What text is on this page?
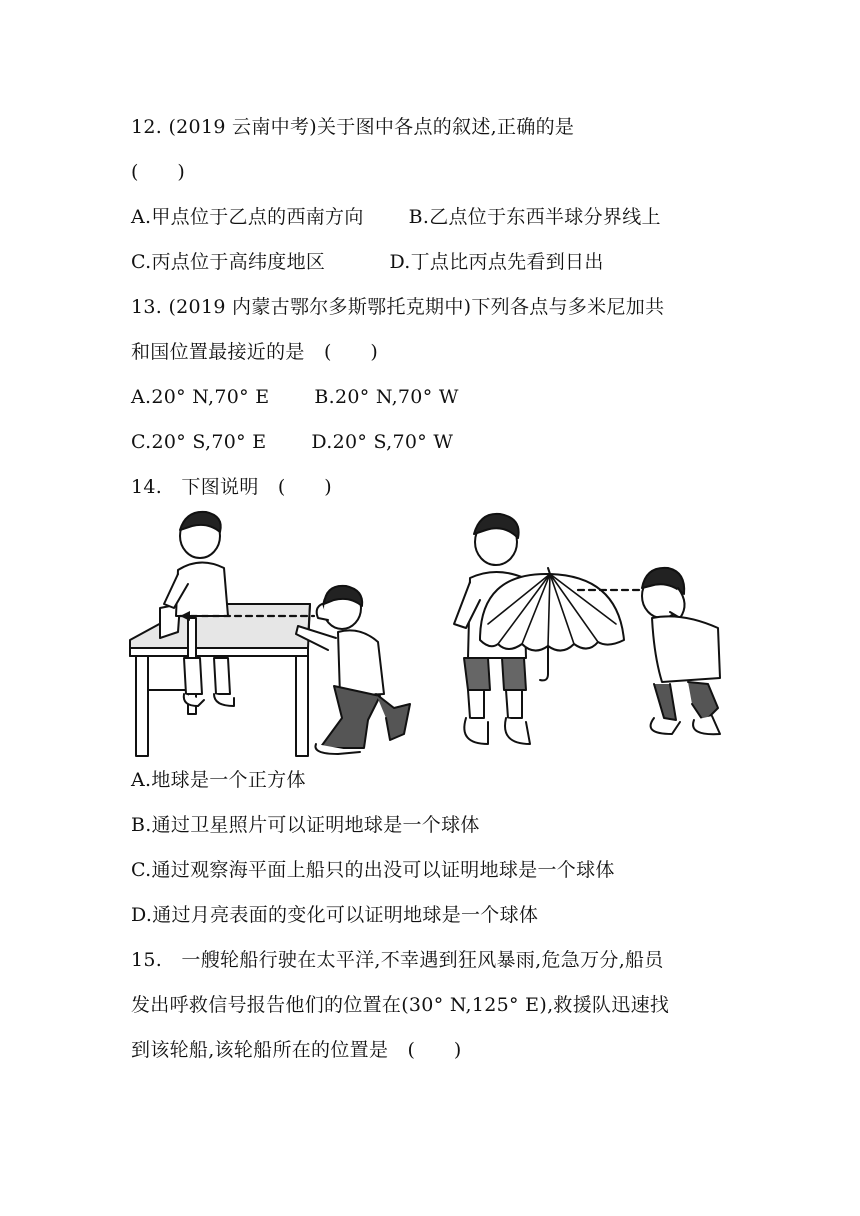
12. (2019 云南中考)关于图中各点的叙述,正确的是
(　　)
A.甲点位于乙点的西南方向　　 B.乙点位于东西半球分界线上
C.丙点位于高纬度地区　　　 D.丁点比丙点先看到日出
13. (2019 内蒙古鄂尔多斯鄂托克期中)下列各点与多米尼加共
和国位置最接近的是　(　　)
A.20° N,70° E　　 B.20° N,70° W
C.20° S,70° E　　 D.20° S,70° W
14.　下图说明　(　　)
A.地球是一个正方体
B.通过卫星照片可以证明地球是一个球体
C.通过观察海平面上船只的出没可以证明地球是一个球体
D.通过月亮表面的变化可以证明地球是一个球体
15.　一艘轮船行驶在太平洋,不幸遇到狂风暴雨,危急万分,船员
发出呼救信号报告他们的位置在(30° N,125° E),救援队迅速找
到该轮船,该轮船所在的位置是　(　　)
